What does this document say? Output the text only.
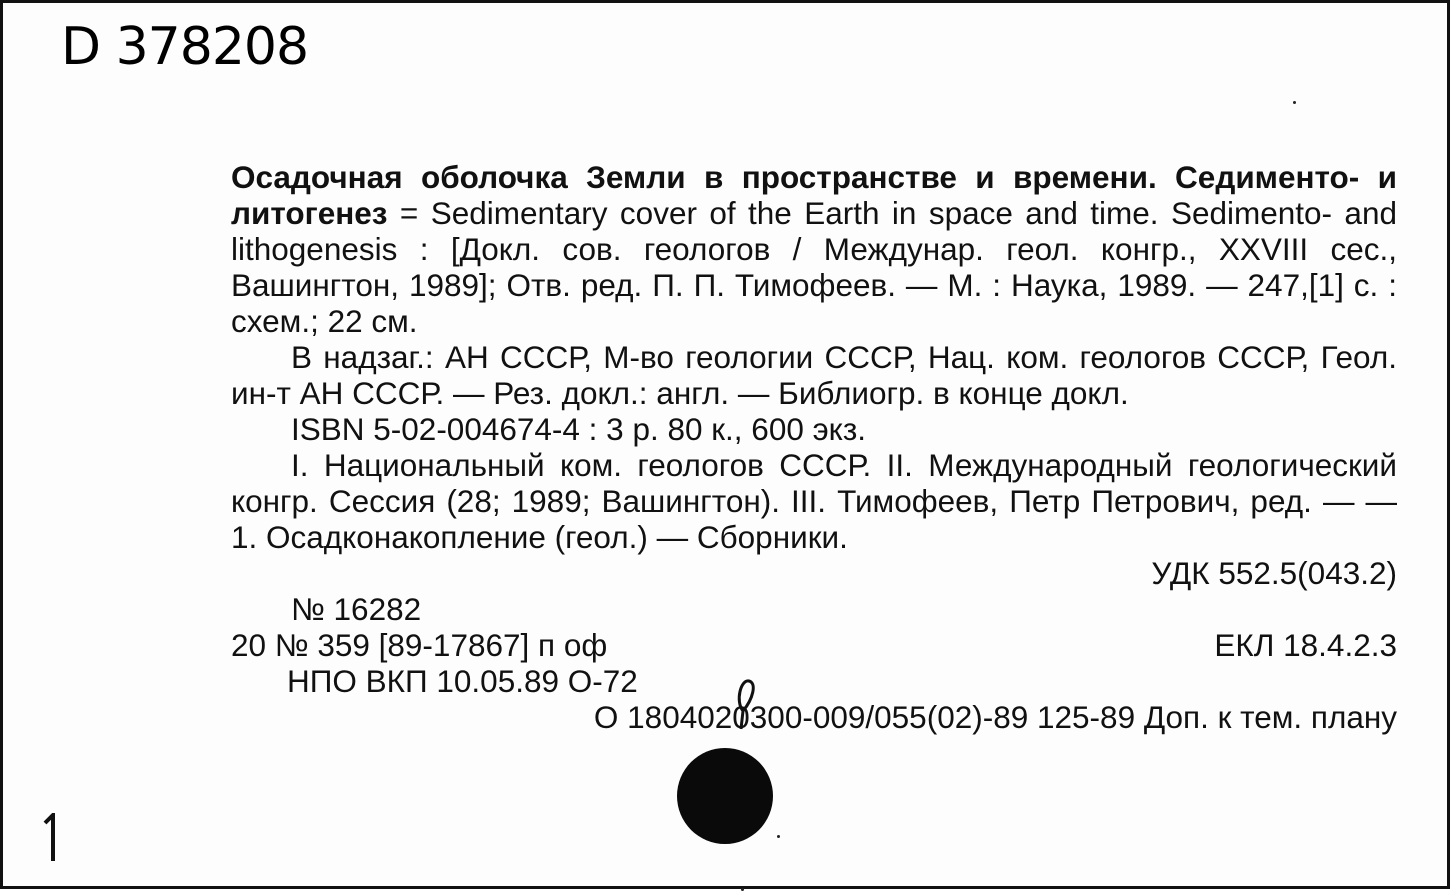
D 378208

Осадочная оболочка Земли в пространстве и времени. Седименто- и литогенез = Sedimentary cover of the Earth in space and time. Sedimento- and lithogenesis : [Докл. сов. геологов / Междунар. геол. конгр., XXVIII сес., Вашингтон, 1989]; Отв. ред. П. П. Тимофеев. — М. : Наука, 1989. — 247,[1] с. : схем.; 22 см.

В надзаг.: АН СССР, М-во геологии СССР, Нац. ком. геологов СССР, Геол. ин-т АН СССР. — Рез. докл.: англ. — Библиогр. в конце докл.

ISBN 5-02-004674-4 : 3 р. 80 к., 600 экз.

I. Национальный ком. геологов СССР. II. Международный геологический конгр. Сессия (28; 1989; Вашингтон). III. Тимофеев, Петр Петрович, ред. — — 1. Осадконакопление (геол.) — Сборники.

УДК 552.5(043.2)

№ 16282
20 № 359 [89-17867] п оф	ЕКЛ 18.4.2.3
НПО ВКП 10.05.89 О-72
О 1804020300-009/055(02)-89 125-89 Доп. к тем. плану
